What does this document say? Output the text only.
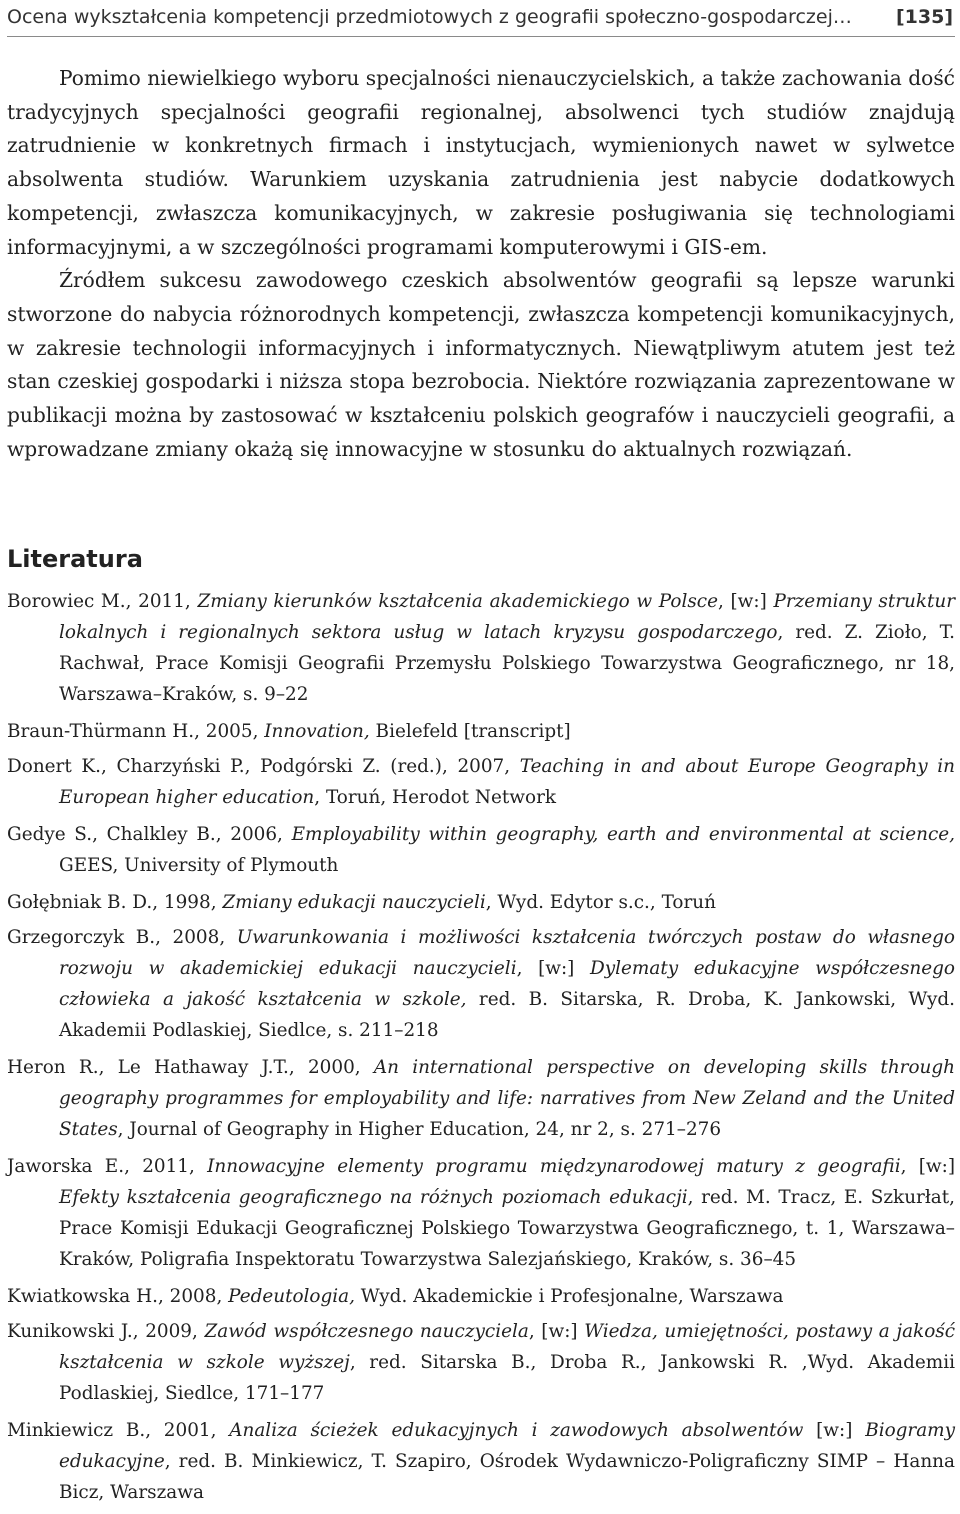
Ocena wykształcenia kompetencji przedmiotowych z geografii społeczno-gospodarczej… [135]

Pomimo niewielkiego wyboru specjalności nienauczycielskich, a także zachowania dość tradycyjnych specjalności geografii regionalnej, absolwenci tych studiów znajdują zatrudnienie w konkretnych firmach i instytucjach, wymienionych nawet w sylwetce absolwenta studiów. Warunkiem uzyskania zatrudnienia jest nabycie dodatkowych kompetencji, zwłaszcza komunikacyjnych, w zakresie posługiwania się technologiami informacyjnymi, a w szczególności programami komputerowymi i GIS-em.

Źródłem sukcesu zawodowego czeskich absolwentów geografii są lepsze warunki stworzone do nabycia różnorodnych kompetencji, zwłaszcza kompetencji komunikacyjnych, w zakresie technologii informacyjnych i informatycznych. Niewątpliwym atutem jest też stan czeskiej gospodarki i niższa stopa bezrobocia. Niektóre rozwiązania zaprezentowane w publikacji można by zastosować w kształceniu polskich geografów i nauczycieli geografii, a wprowadzane zmiany okażą się innowacyjne w stosunku do aktualnych rozwiązań.

Literatura
Borowiec M., 2011, Zmiany kierunków kształcenia akademickiego w Polsce, [w:] Przemiany struktur lokalnych i regionalnych sektora usług w latach kryzysu gospodarczego, red. Z. Zioło, T. Rachwał, Prace Komisji Geografii Przemysłu Polskiego Towarzystwa Geograficznego, nr 18, Warszawa–Kraków, s. 9–22
Braun-Thürmann H., 2005, Innovation, Bielefeld [transcript]
Donert K., Charzyński P., Podgórski Z. (red.), 2007, Teaching in and about Europe Geography in European higher education, Toruń, Herodot Network
Gedye S., Chalkley B., 2006, Employability within geography, earth and environmental at science, GEES, University of Plymouth
Gołębniak B. D., 1998, Zmiany edukacji nauczycieli, Wyd. Edytor s.c., Toruń
Grzegorczyk B., 2008, Uwarunkowania i możliwości kształcenia twórczych postaw do własnego rozwoju w akademickiej edukacji nauczycieli, [w:] Dylematy edukacyjne współczesnego człowieka a jakość kształcenia w szkole, red. B. Sitarska, R. Droba, K. Jankowski, Wyd. Akademii Podlaskiej, Siedlce, s. 211–218
Heron R., Le Hathaway J.T., 2000, An international perspective on developing skills through geography programmes for employability and life: narratives from New Zeland and the United States, Journal of Geography in Higher Education, 24, nr 2, s. 271–276
Jaworska E., 2011, Innowacyjne elementy programu międzynarodowej matury z geografii, [w:] Efekty kształcenia geograficznego na różnych poziomach edukacji, red. M. Tracz, E. Szkurłat, Prace Komisji Edukacji Geograficznej Polskiego Towarzystwa Geograficznego, t. 1, Warszawa–Kraków, Poligrafia Inspektoratu Towarzystwa Salezjańskiego, Kraków, s. 36–45
Kwiatkowska H., 2008, Pedeutologia, Wyd. Akademickie i Profesjonalne, Warszawa
Kunikowski J., 2009, Zawód współczesnego nauczyciela, [w:] Wiedza, umiejętności, postawy a jakość kształcenia w szkole wyższej, red. Sitarska B., Droba R., Jankowski R. ,Wyd. Akademii Podlaskiej, Siedlce, 171–177
Minkiewicz B., 2001, Analiza ścieżek edukacyjnych i zawodowych absolwentów [w:] Biogramy edukacyjne, red. B. Minkiewicz, T. Szapiro, Ośrodek Wydawniczo-Poligraficzny SIMP – Hanna Bicz, Warszawa
